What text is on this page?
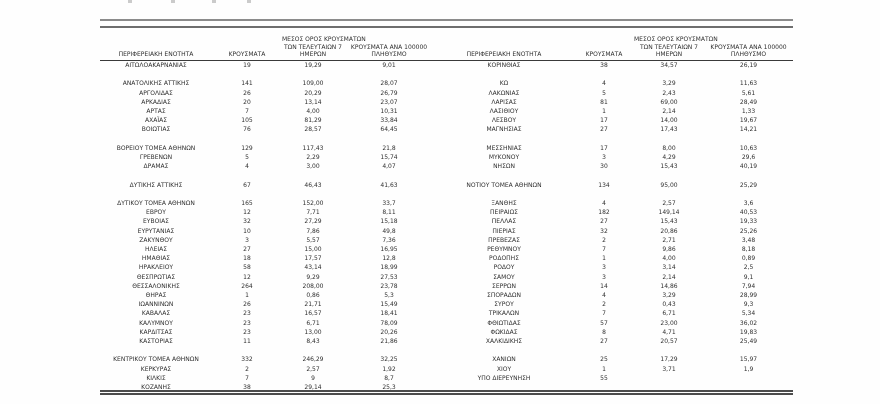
ΠΕΡΙΦΕΡΕΙΑΚΗ ΕΝΟΤΗΤΑ	ΚΡΟΥΣΜΑΤΑ

ΜΕΣΟΣ ΟΡΟΣ ΚΡΟΥΣΜΑΤΩΝ
ΤΩΝ ΤΕΛΕΥΤΑΙΩΝ 7
ΗΜΕΡΩΝ

ΚΡΟΥΣΜΑΤΑ ΑΝΑ 100000
ΠΛΗΘΥΣΜΟ	ΠΕΡΙΦΕΡΕΙΑΚΗ ΕΝΟΤΗΤΑ	ΚΡΟΥΣΜΑΤΑ

ΜΕΣΟΣ ΟΡΟΣ ΚΡΟΥΣΜΑΤΩΝ
ΤΩΝ ΤΕΛΕΥΤΑΙΩΝ 7
ΗΜΕΡΩΝ

ΚΡΟΥΣΜΑΤΑ ΑΝΑ 100000
ΠΛΗΘΥΣΜΟ

ΑΙΤΩΛΟΑΚΑΡΝΑΝΙΑΣ	19	19,29	9,01	ΚΟΡΙΝΘΙΑΣ	38	34,57	26,19

ΑΝΑΤΟΛΙΚΗΣ ΑΤΤΙΚΗΣ	141	109,00	28,07	ΚΩ	4	3,29	11,63
ΑΡΓΟΛΙΔΑΣ	26	20,29	26,79	ΛΑΚΩΝΙΑΣ	5	2,43	5,61
ΑΡΚΑΔΙΑΣ	20	13,14	23,07	ΛΑΡΙΣΑΣ	81	69,00	28,49
ΑΡΤΑΣ	7	4,00	10,31	ΛΑΣΙΘΙΟΥ	1	2,14	1,33
ΑΧΑΪΑΣ	105	81,29	33,84	ΛΕΣΒΟΥ	17	14,00	19,67
ΒΟΙΩΤΙΑΣ	76	28,57	64,45	ΜΑΓΝΗΣΙΑΣ	27	17,43	14,21

ΒΟΡΕΙΟΥ ΤΟΜΕΑ ΑΘΗΝΩΝ	129	117,43	21,8	ΜΕΣΣΗΝΙΑΣ	17	8,00	10,63
ΓΡΕΒΕΝΩΝ	5	2,29	15,74	ΜΥΚΟΝΟΥ	3	4,29	29,6
ΔΡΑΜΑΣ	4	3,00	4,07	ΝΗΣΩΝ	30	15,43	40,19

ΔΥΤΙΚΗΣ ΑΤΤΙΚΗΣ	67	46,43	41,63	ΝΟΤΙΟΥ ΤΟΜΕΑ ΑΘΗΝΩΝ	134	95,00	25,29

ΔΥΤΙΚΟΥ ΤΟΜΕΑ ΑΘΗΝΩΝ	165	152,00	33,7	ΞΑΝΘΗΣ	4	2,57	3,6
ΕΒΡΟΥ	12	7,71	8,11	ΠΕΙΡΑΙΩΣ	182	149,14	40,53
ΕΥΒΟΙΑΣ	32	27,29	15,18	ΠΕΛΛΑΣ	27	15,43	19,33
ΕΥΡΥΤΑΝΙΑΣ	10	7,86	49,8	ΠΙΕΡΙΑΣ	32	20,86	25,26
ΖΑΚΥΝΘΟΥ	3	5,57	7,36	ΠΡΕΒΕΖΑΣ	2	2,71	3,48
ΗΛΕΙΑΣ	27	15,00	16,95	ΡΕΘΥΜΝΟΥ	7	9,86	8,18
ΗΜΑΘΙΑΣ	18	17,57	12,8	ΡΟΔΟΠΗΣ	1	4,00	0,89
ΗΡΑΚΛΕΙΟΥ	58	43,14	18,99	ΡΟΔΟΥ	3	3,14	2,5
ΘΕΣΠΡΩΤΙΑΣ	12	9,29	27,53	ΣΑΜΟΥ	3	2,14	9,1
ΘΕΣΣΑΛΟΝΙΚΗΣ	264	208,00	23,78	ΣΕΡΡΩΝ	14	14,86	7,94
ΘΗΡΑΣ	1	0,86	5,3	ΣΠΟΡΑΔΩΝ	4	3,29	28,99
ΙΩΑΝΝΙΝΩΝ	26	21,71	15,49	ΣΥΡΟΥ	2	0,43	9,3
ΚΑΒΑΛΑΣ	23	16,57	18,41	ΤΡΙΚΑΛΩΝ	7	6,71	5,34
ΚΑΛΥΜΝΟΥ	23	6,71	78,09	ΦΘΙΩΤΙΔΑΣ	57	23,00	36,02
ΚΑΡΔΙΤΣΑΣ	23	13,00	20,26	ΦΩΚΙΔΑΣ	8	4,71	19,83
ΚΑΣΤΟΡΙΑΣ	11	8,43	21,86	ΧΑΛΚΙΔΙΚΗΣ	27	20,57	25,49

ΚΕΝΤΡΙΚΟΥ ΤΟΜΕΑ ΑΘΗΝΩΝ	332	246,29	32,25	ΧΑΝΙΩΝ	25	17,29	15,97
ΚΕΡΚΥΡΑΣ	2	2,57	1,92	ΧΙΟΥ	1	3,71	1,9
ΚΙΛΚΙΣ	7	9	8,7	ΥΠΟ ΔΙΕΡΕΥΝΗΣΗ	55		
ΚΟΖΑΝΗΣ	38	29,14	25,3				
